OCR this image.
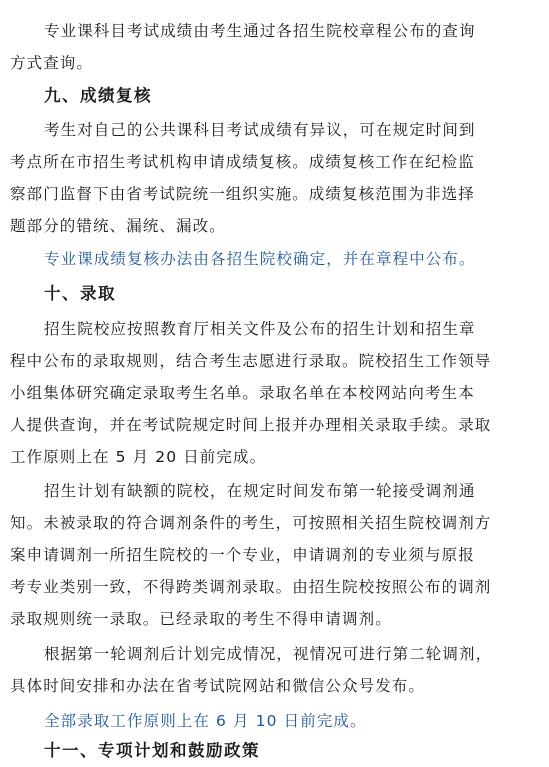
专业课科目考试成绩由考生通过各招生院校章程公布的查询
方式查询。
九、成绩复核
考生对自己的公共课科目考试成绩有异议，可在规定时间到
考点所在市招生考试机构申请成绩复核。成绩复核工作在纪检监
察部门监督下由省考试院统一组织实施。成绩复核范围为非选择
题部分的错统、漏统、漏改。
专业课成绩复核办法由各招生院校确定，并在章程中公布。
十、录取
招生院校应按照教育厅相关文件及公布的招生计划和招生章
程中公布的录取规则，结合考生志愿进行录取。院校招生工作领导
小组集体研究确定录取考生名单。录取名单在本校网站向考生本
人提供查询，并在考试院规定时间上报并办理相关录取手续。录取
工作原则上在 5 月 20 日前完成。
招生计划有缺额的院校，在规定时间发布第一轮接受调剂通
知。未被录取的符合调剂条件的考生，可按照相关招生院校调剂方
案申请调剂一所招生院校的一个专业，申请调剂的专业须与原报
考专业类别一致，不得跨类调剂录取。由招生院校按照公布的调剂
录取规则统一录取。已经录取的考生不得申请调剂。
根据第一轮调剂后计划完成情况，视情况可进行第二轮调剂，
具体时间安排和办法在省考试院网站和微信公众号发布。
全部录取工作原则上在 6 月 10 日前完成。
十一、专项计划和鼓励政策
